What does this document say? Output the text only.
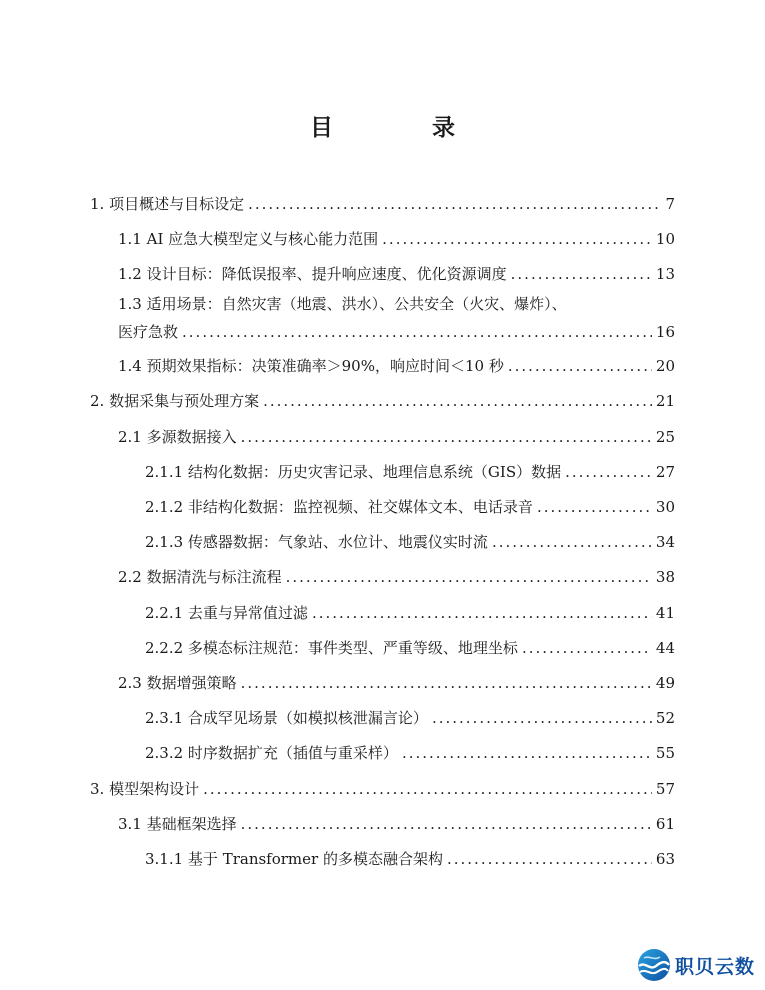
目　录
1. 项目概述与目标设定 .....	7
1.1 AI 应急大模型定义与核心能力范围 .....	10
1.2 设计目标：降低误报率、提升响应速度、优化资源调度 .....	13
1.3 适用场景：自然灾害（地震、洪水）、公共安全（火灾、爆炸）、
医疗急救 .....	16
1.4 预期效果指标：决策准确率＞90%，响应时间＜10 秒 .....	20
2. 数据采集与预处理方案 .....	21
2.1 多源数据接入 .....	25
2.1.1 结构化数据：历史灾害记录、地理信息系统（GIS）数据 .....	27
2.1.2 非结构化数据：监控视频、社交媒体文本、电话录音 .....	30
2.1.3 传感器数据：气象站、水位计、地震仪实时流 .....	34
2.2 数据清洗与标注流程 .....	38
2.2.1 去重与异常值过滤 .....	41
2.2.2 多模态标注规范：事件类型、严重等级、地理坐标 .....	44
2.3 数据增强策略 .....	49
2.3.1 合成罕见场景（如模拟核泄漏言论） .....	52
2.3.2 时序数据扩充（插值与重采样） .....	55
3. 模型架构设计 .....	57
3.1 基础框架选择 .....	61
3.1.1 基于 Transformer 的多模态融合架构 .....	63
职贝云数
